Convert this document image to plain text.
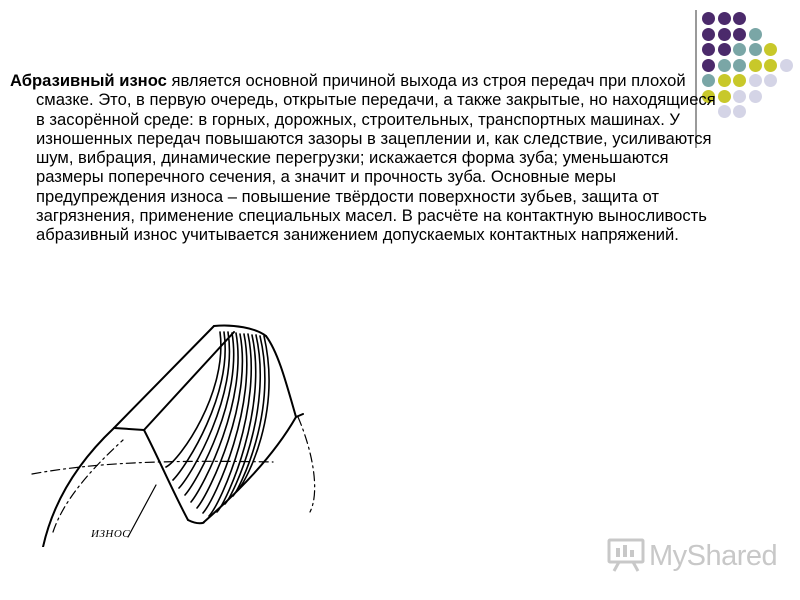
Абразивный износ является основной причиной выхода из строя передач при плохой смазке. Это, в первую очередь, открытые передачи, а также закрытые, но находящиеся в засорённой среде: в горных, дорожных, строительных, транспортных машинах. У изношенных передач повышаются зазоры в зацеплении и, как следствие, усиливаются шум, вибрация, динамические перегрузки; искажается форма зуба; уменьшаются размеры поперечного сечения, а значит и прочность зуба. Основные меры предупреждения износа – повышение твёрдости поверхности зубьев, защита от загрязнения, применение специальных масел. В расчёте на контактную выносливость абразивный износ учитывается занижением допускаемых контактных напряжений.

ИЗНОС
MyShared
